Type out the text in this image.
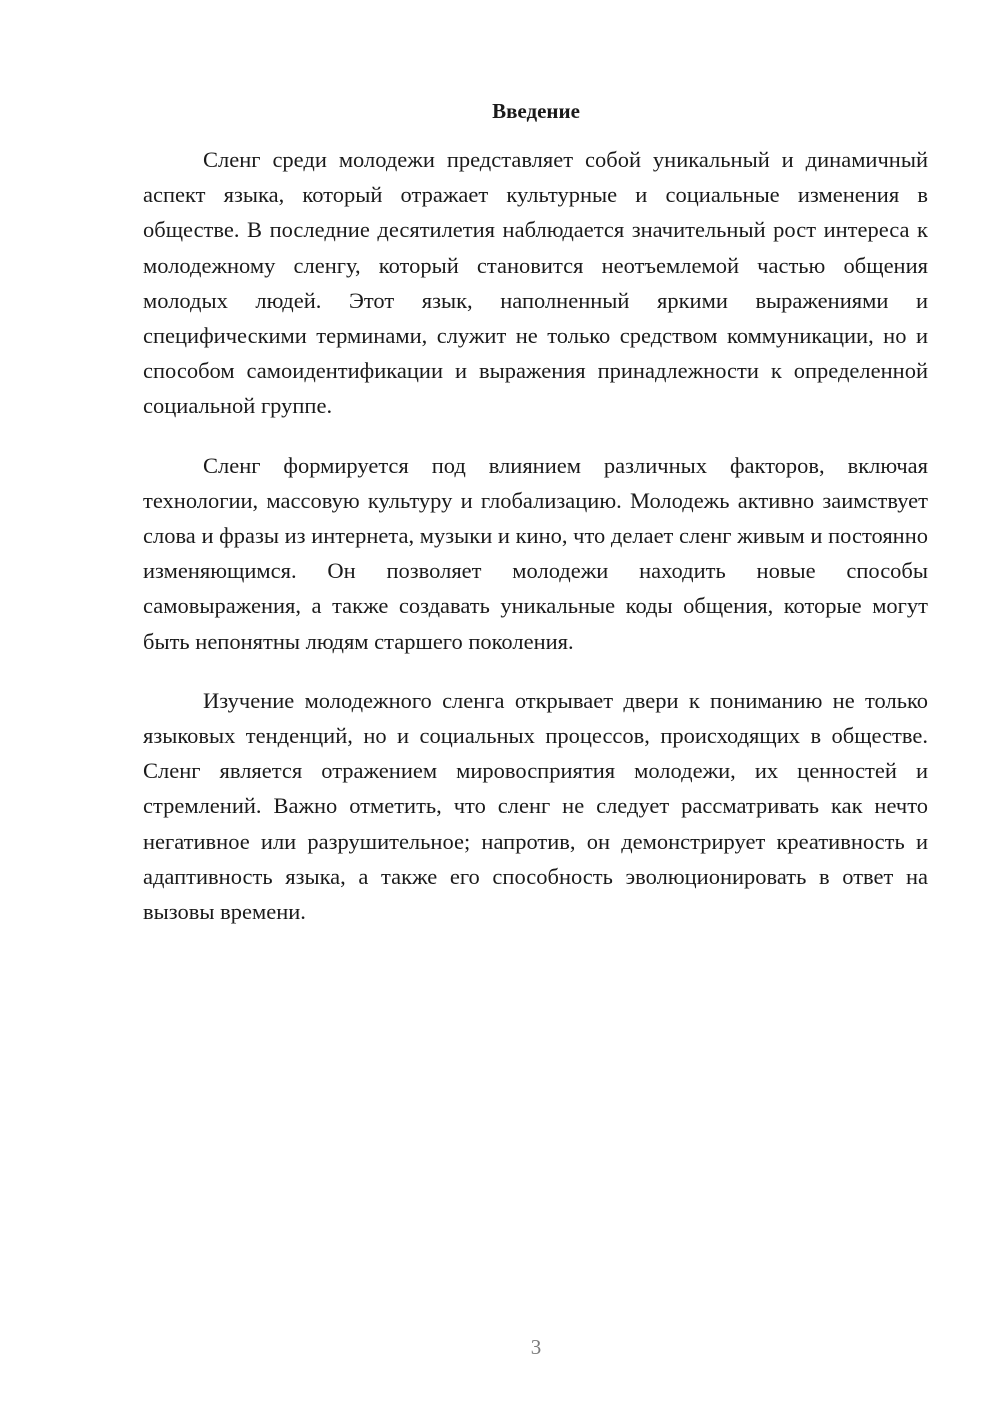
Введение

Сленг среди молодежи представляет собой уникальный и динамичный аспект языка, который отражает культурные и социальные изменения в обществе. В последние десятилетия наблюдается значительный рост интереса к молодежному сленгу, который становится неотъемлемой частью общения молодых людей. Этот язык, наполненный яркими выражениями и специфическими терминами, служит не только средством коммуникации, но и способом самоидентификации и выражения принадлежности к определенной социальной группе.

Сленг формируется под влиянием различных факторов, включая технологии, массовую культуру и глобализацию. Молодежь активно заимствует слова и фразы из интернета, музыки и кино, что делает сленг живым и постоянно изменяющимся. Он позволяет молодежи находить новые способы самовыражения, а также создавать уникальные коды общения, которые могут быть непонятны людям старшего поколения.

Изучение молодежного сленга открывает двери к пониманию не только языковых тенденций, но и социальных процессов, происходящих в обществе. Сленг является отражением мировосприятия молодежи, их ценностей и стремлений. Важно отметить, что сленг не следует рассматривать как нечто негативное или разрушительное; напротив, он демонстрирует креативность и адаптивность языка, а также его способность эволюционировать в ответ на вызовы времени.

3
